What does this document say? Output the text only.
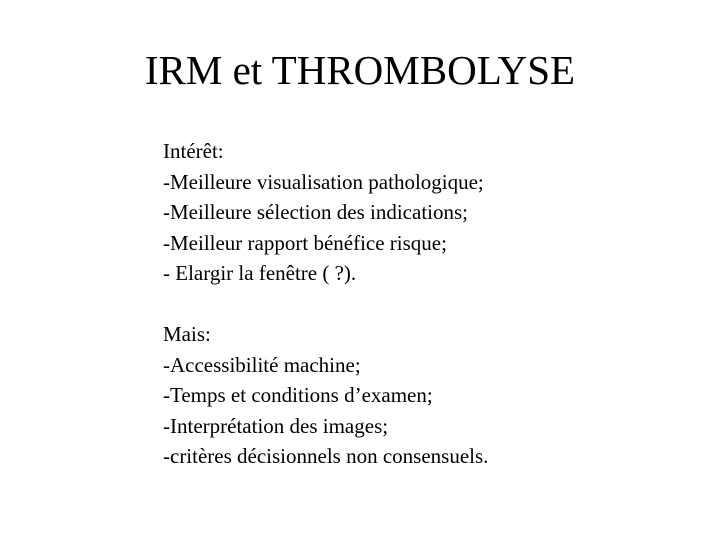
IRM et THROMBOLYSE
Intérêt:
-Meilleure visualisation pathologique;
-Meilleure sélection des indications;
-Meilleur rapport bénéfice risque;
- Elargir la fenêtre ( ?).
Mais:
-Accessibilité machine;
-Temps et conditions d’examen;
-Interprétation des images;
-critères décisionnels non consensuels.
